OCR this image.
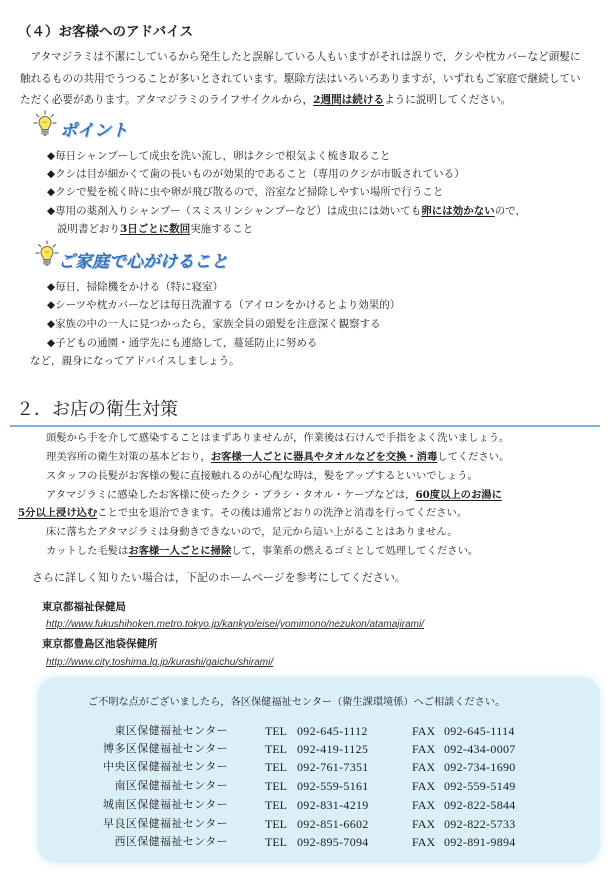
（４）お客様へのアドバイス
アタマジラミは不潔にしているから発生したと誤解している人もいますがそれは誤りで，クシや枕カバーなど頭髪に
触れるものの共用でうつることが多いとされています。駆除方法はいろいろありますが，いずれもご家庭で継続してい
ただく必要があります。アタマジラミのライフサイクルから，2週間は続けるように説明してください。
ポイント
◆毎日シャンプーして成虫を洗い流し，卵はクシで根気よく梳き取ること
◆クシは目が細かくて歯の長いものが効果的であること（専用のクシが市販されている）
◆クシで髪を梳く時に虫や卵が飛び散るので，浴室など掃除しやすい場所で行うこと
◆専用の薬剤入りシャンプー（スミスリンシャンプーなど）は成虫には効いても卵には効かないので，
説明書どおり3日ごとに数回実施すること
ご家庭で心がけること
◆毎日，掃除機をかける（特に寝室）
◆シーツや枕カバーなどは毎日洗濯する（アイロンをかけるとより効果的）
◆家族の中の一人に見つかったら，家族全員の頭髪を注意深く観察する
◆子どもの通園・通学先にも連絡して，蔓延防止に努める
など，親身になってアドバイスしましょう。
２．お店の衛生対策
頭髪から手を介して感染することはまずありませんが，作業後は石けんで手指をよく洗いましょう。
理美容所の衛生対策の基本どおり，お客様一人ごとに器具やタオルなどを交換・消毒してください。
スタッフの長髪がお客様の髪に直接触れるのが心配な時は，髪をアップするといいでしょう。
アタマジラミに感染したお客様に使ったクシ・ブラシ・タオル・ケープなどは，60度以上のお湯に
5分以上浸け込むことで虫を退治できます。その後は通常どおりの洗浄と消毒を行ってください。
床に落ちたアタマジラミは身動きできないので，足元から這い上がることはありません。
カットした毛髪はお客様一人ごとに掃除して，事業系の燃えるゴミとして処理してください。
さらに詳しく知りたい場合は，下記のホームページを参考にしてください。
東京都福祉保健局
http://www.fukushihoken.metro.tokyo.jp/kankyo/eisei/yomimono/nezukon/atamajirami/
東京都豊島区池袋保健所
http://www.city.toshima.lg.jp/kurashi/gaichu/shirami/
ご不明な点がございましたら，各区保健福祉センター（衛生課環境係）へご相談ください。
東区保健福祉センター	TEL 092-645-1112	FAX 092-645-1114
博多区保健福祉センター	TEL 092-419-1125	FAX 092-434-0007
中央区保健福祉センター	TEL 092-761-7351	FAX 092-734-1690
南区保健福祉センター	TEL 092-559-5161	FAX 092-559-5149
城南区保健福祉センター	TEL 092-831-4219	FAX 092-822-5844
早良区保健福祉センター	TEL 092-851-6602	FAX 092-822-5733
西区保健福祉センター	TEL 092-895-7094	FAX 092-891-9894
